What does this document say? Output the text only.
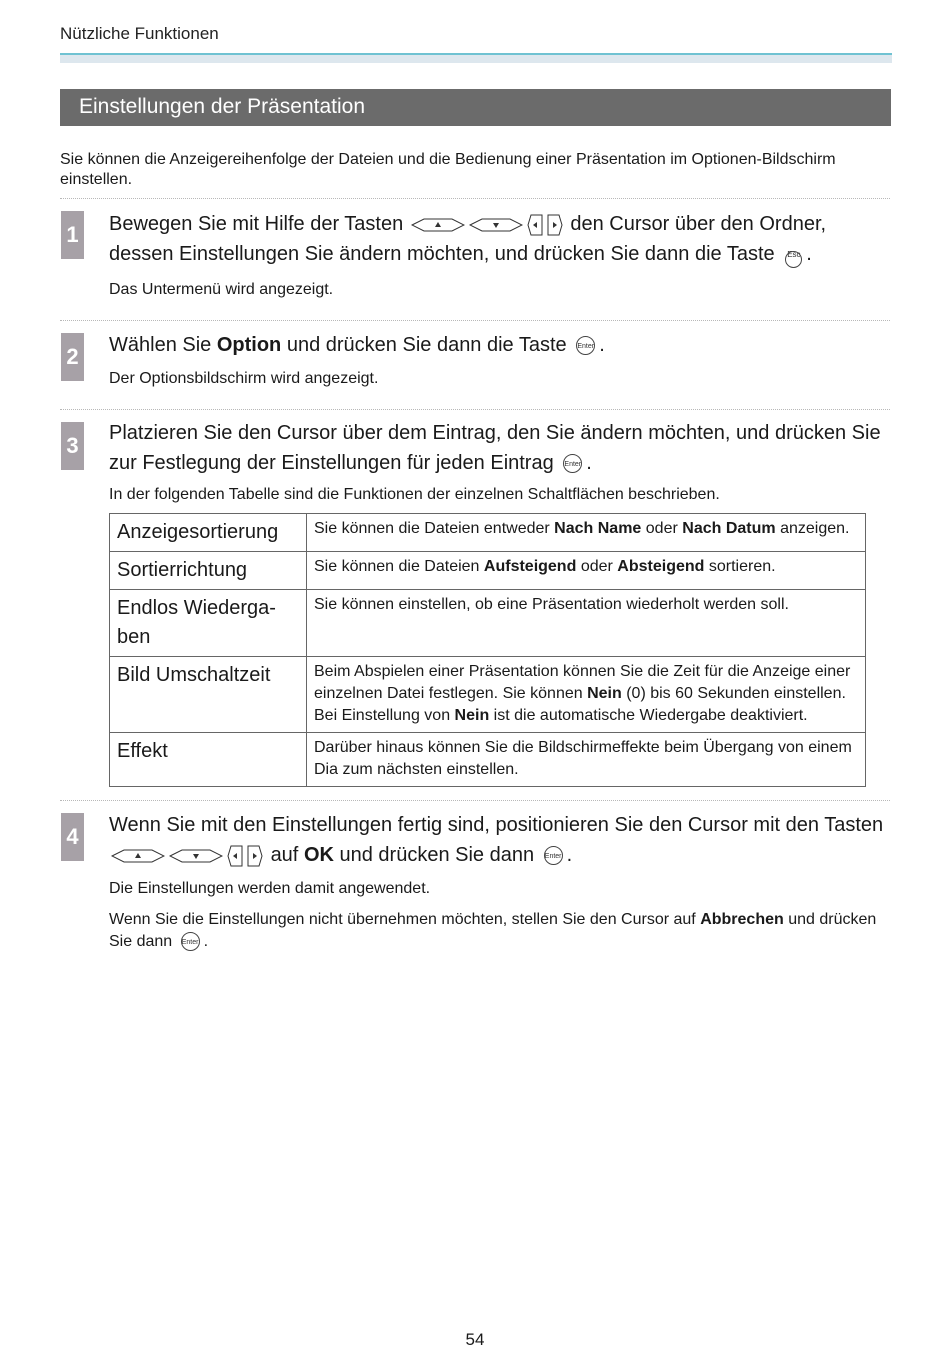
Nützliche Funktionen
Einstellungen der Präsentation
Sie können die Anzeigereihenfolge der Dateien und die Bedienung einer Präsentation im Optionen-Bildschirm einstellen.
1 Bewegen Sie mit Hilfe der Tasten	den Cursor über den Ordner, dessen Einstellungen Sie ändern möchten, und drücken Sie dann die Taste Esc .
Das Untermenü wird angezeigt.
2 Wählen Sie Option und drücken Sie dann die Taste Enter .
Der Optionsbildschirm wird angezeigt.
3 Platzieren Sie den Cursor über dem Eintrag, den Sie ändern möchten, und drücken Sie zur Festlegung der Einstellungen für jeden Eintrag Enter .
In der folgenden Tabelle sind die Funktionen der einzelnen Schaltflächen beschrieben.
Anzeigesortierung	Sie können die Dateien entweder Nach Name oder Nach Datum anzeigen.
Sortierrichtung	Sie können die Dateien Aufsteigend oder Absteigend sortieren.
Endlos Wiederga-
ben	Sie können einstellen, ob eine Präsentation wiederholt werden soll.
Bild Umschaltzeit	Beim Abspielen einer Präsentation können Sie die Zeit für die Anzeige einer einzelnen Datei festlegen. Sie können Nein (0) bis 60 Sekunden einstellen. Bei Einstellung von Nein ist die automatische Wiedergabe deaktiviert.
Effekt	Darüber hinaus können Sie die Bildschirmeffekte beim Übergang von einem Dia zum nächsten einstellen.
4 Wenn Sie mit den Einstellungen fertig sind, positionieren Sie den Cursor mit den Tasten

auf OK und drücken Sie dann Enter .
Die Einstellungen werden damit angewendet.
Wenn Sie die Einstellungen nicht übernehmen möchten, stellen Sie den Cursor auf Abbrechen und drücken Sie dann Enter .
54
